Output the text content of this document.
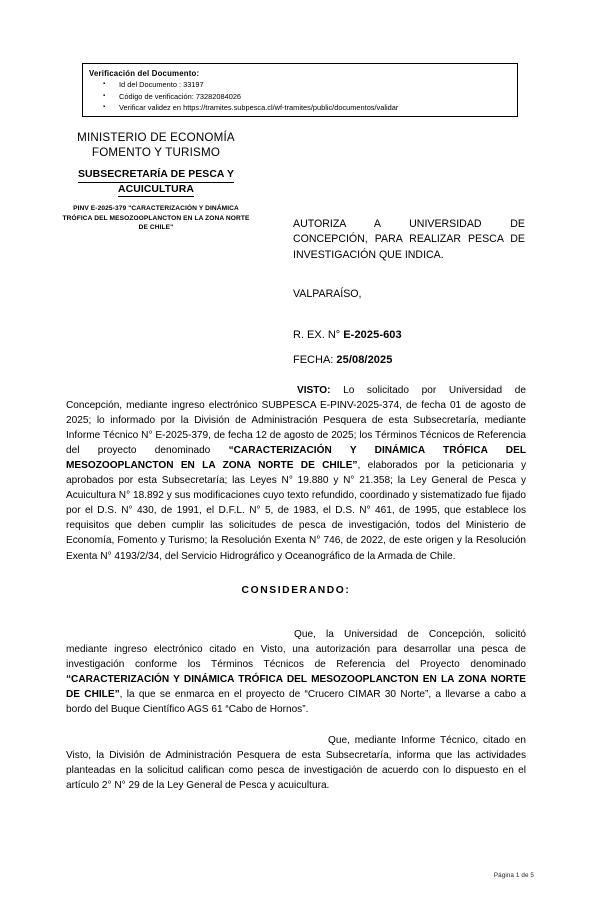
Verificación del Documento:
▪ Id del Documento : 33197
▪ Código de verificación: 73282084026
▪ Verificar validez en https://tramites.subpesca.cl/wf-tramites/public/documentos/validar
MINISTERIO DE ECONOMÍA
FOMENTO Y TURISMO
SUBSECRETARÍA DE PESCA Y
ACUICULTURA
PINV E-2025-379 "CARACTERIZACIÓN Y DINÁMICA
TRÓFICA DEL MESOZOOPLANCTON EN LA ZONA NORTE
DE CHILE"	AUTORIZA A UNIVERSIDAD DE CONCEPCIÓN, PARA REALIZAR PESCA DE INVESTIGACIÓN QUE INDICA.
VALPARAÍSO,
R. EX. N° E-2025-603
FECHA: 25/08/2025

VISTO: Lo solicitado por Universidad de Concepción, mediante ingreso electrónico SUBPESCA E-PINV-2025-374, de fecha 01 de agosto de 2025; lo informado por la División de Administración Pesquera de esta Subsecretaría, mediante Informe Técnico N° E-2025-379, de fecha 12 de agosto de 2025; los Términos Técnicos de Referencia del proyecto denominado “CARACTERIZACIÓN Y DINÁMICA TRÓFICA DEL MESOZOOPLANCTON EN LA ZONA NORTE DE CHILE”, elaborados por la peticionaria y aprobados por esta Subsecretaría; las Leyes N° 19.880 y N° 21.358; la Ley General de Pesca y Acuicultura N° 18.892 y sus modificaciones cuyo texto refundido, coordinado y sistematizado fue fijado por el D.S. N° 430, de 1991, el D.F.L. N° 5, de 1983, el D.S. N° 461, de 1995, que establece los requisitos que deben cumplir las solicitudes de pesca de investigación, todos del Ministerio de Economía, Fomento y Turismo; la Resolución Exenta N° 746, de 2022, de este origen y la Resolución Exenta N° 4193/2/34, del Servicio Hidrográfico y Oceanográfico de la Armada de Chile.

CONSIDERANDO:

Que, la Universidad de Concepción, solicitó mediante ingreso electrónico citado en Visto, una autorización para desarrollar una pesca de investigación conforme los Términos Técnicos de Referencia del Proyecto denominado “CARACTERIZACIÓN Y DINÁMICA TRÓFICA DEL MESOZOOPLANCTON EN LA ZONA NORTE DE CHILE”, la que se enmarca en el proyecto de “Crucero CIMAR 30 Norte”, a llevarse a cabo a bordo del Buque Científico AGS 61 “Cabo de Hornos”.

Que, mediante Informe Técnico, citado en Visto, la División de Administración Pesquera de esta Subsecretaría, informa que las actividades planteadas en la solicitud califican como pesca de investigación de acuerdo con lo dispuesto en el artículo 2° N° 29 de la Ley General de Pesca y acuicultura.

Página 1 de 5
